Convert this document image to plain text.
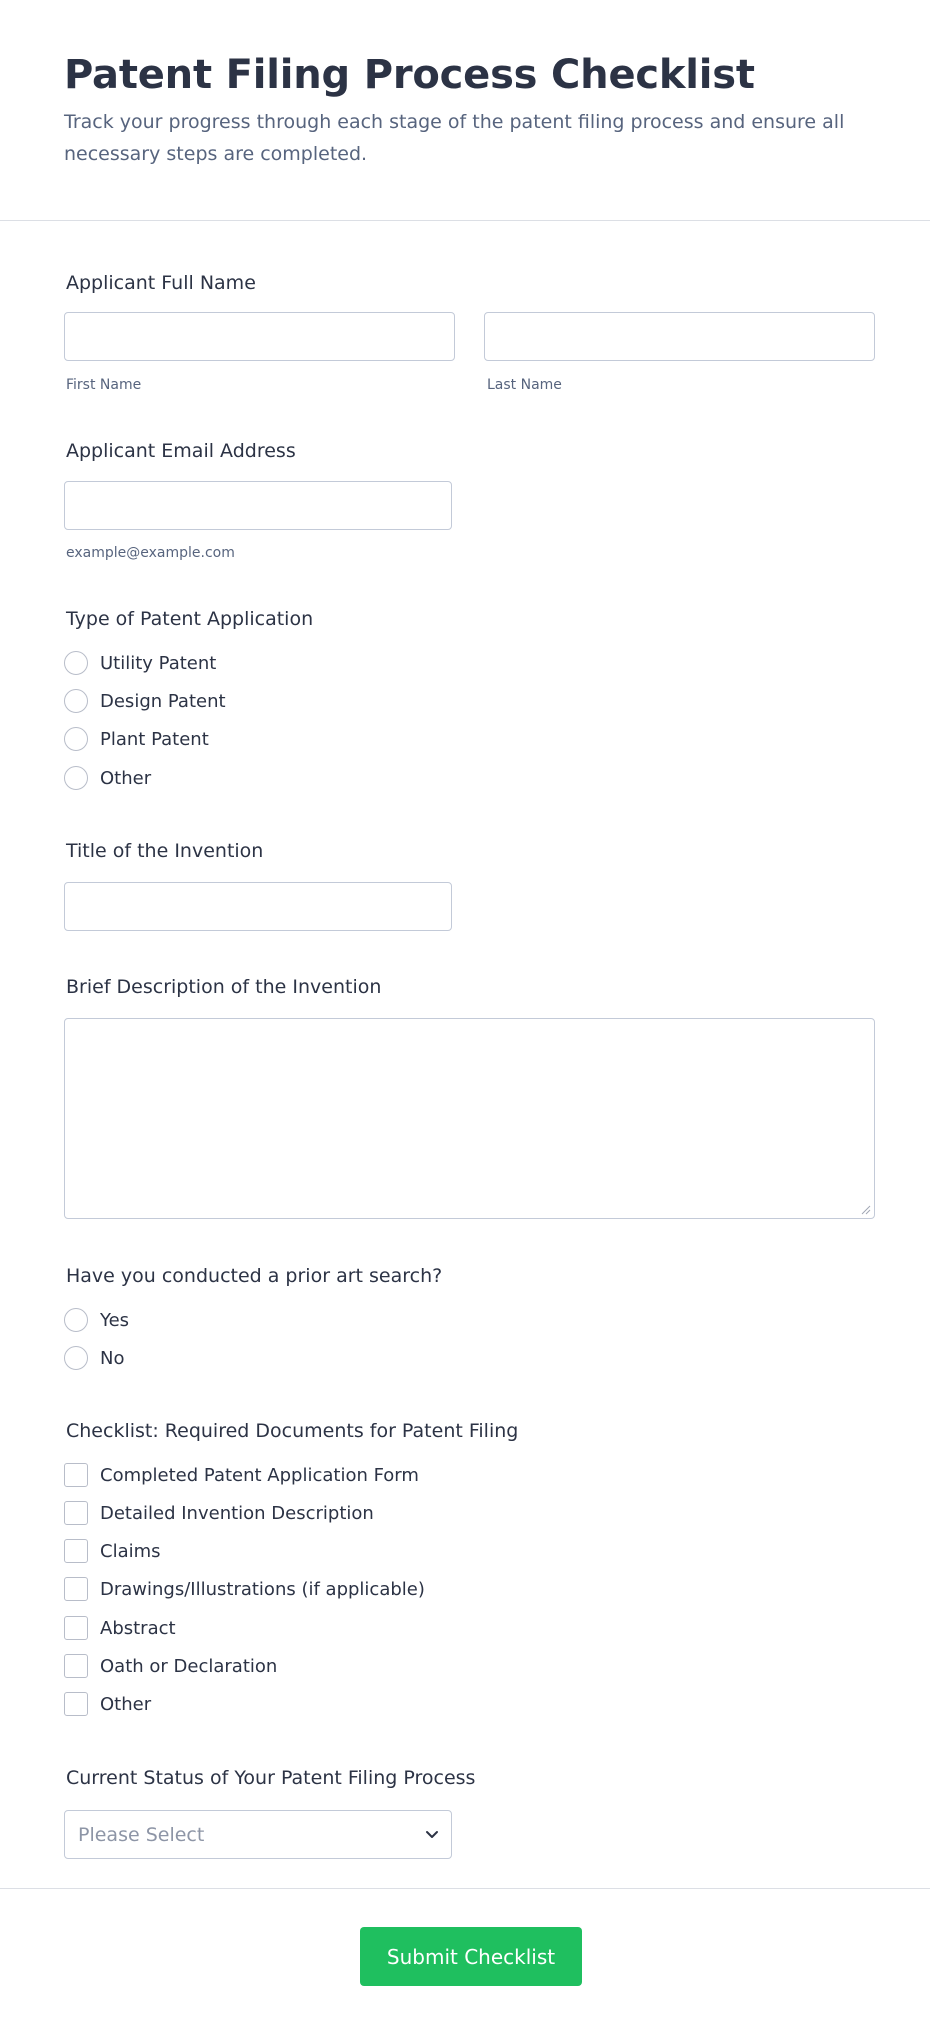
Patent Filing Process Checklist
Track your progress through each stage of the patent filing process and ensure all necessary steps are completed.
Applicant Full Name
First Name	Last Name
Applicant Email Address
example@example.com
Type of Patent Application
Utility Patent
Design Patent
Plant Patent
Other
Title of the Invention
Brief Description of the Invention
Have you conducted a prior art search?
Yes
No
Checklist: Required Documents for Patent Filing
Completed Patent Application Form
Detailed Invention Description
Claims
Drawings/Illustrations (if applicable)
Abstract
Oath or Declaration
Other
Current Status of Your Patent Filing Process
Please Select
Submit Checklist
